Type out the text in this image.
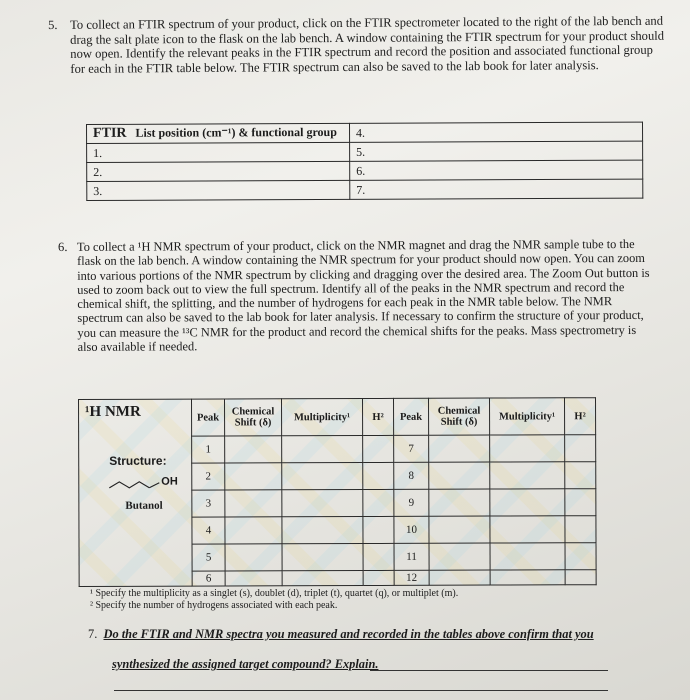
5. To collect an FTIR spectrum of your product, click on the FTIR spectrometer located to the right of the lab bench and drag the salt plate icon to the flask on the lab bench. A window containing the FTIR spectrum for your product should now open. Identify the relevant peaks in the FTIR spectrum and record the position and associated functional group for each in the FTIR table below. The FTIR spectrum can also be saved to the lab book for later analysis.
FTIR List position (cm⁻¹) & functional group	4.
1.	5.
2.	6.
3.	7.
6. To collect a ¹H NMR spectrum of your product, click on the NMR magnet and drag the NMR sample tube to the flask on the lab bench. A window containing the NMR spectrum for your product should now open. You can zoom into various portions of the NMR spectrum by clicking and dragging over the desired area. The Zoom Out button is used to zoom back out to view the full spectrum. Identify all of the peaks in the NMR spectrum and record the chemical shift, the splitting, and the number of hydrogens for each peak in the NMR table below. The NMR spectrum can also be saved to the lab book for later analysis. If necessary to confirm the structure of your product, you can measure the ¹³C NMR for the product and record the chemical shifts for the peaks. Mass spectrometry is also available if needed.
¹H NMR
Structure:
OH
Butanol	Peak	Chemical Shift (δ)	Multiplicity¹	H²	Peak	Chemical Shift (δ)	Multiplicity¹	H²
	1				7			
	2				8			
	3				9			
	4				10			
	5				11			
	6				12			
¹ Specify the multiplicity as a singlet (s), doublet (d), triplet (t), quartet (q), or multiplet (m).
² Specify the number of hydrogens associated with each peak.
7. Do the FTIR and NMR spectra you measured and recorded in the tables above confirm that you
synthesized the assigned target compound? Explain.
